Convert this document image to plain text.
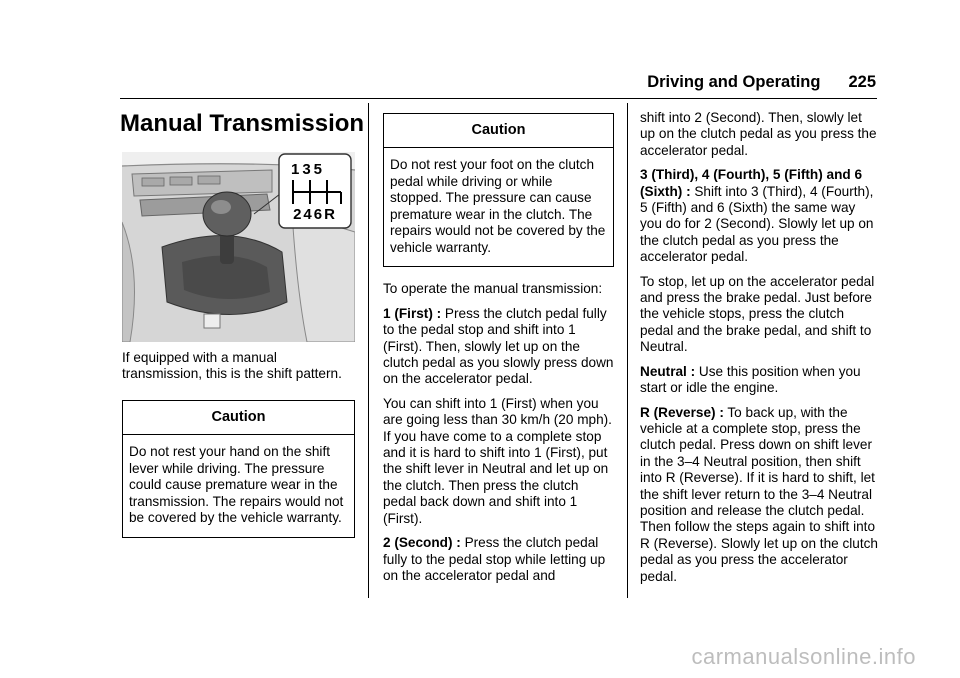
Driving and Operating 225
Manual Transmission
135
246R

If equipped with a manual transmission, this is the shift pattern.

Caution
Do not rest your hand on the shift lever while driving. The pressure could cause premature wear in the transmission. The repairs would not be covered by the vehicle warranty.
Caution
Do not rest your foot on the clutch pedal while driving or while stopped. The pressure can cause premature wear in the clutch. The repairs would not be covered by the vehicle warranty.

To operate the manual transmission:

1 (First) : Press the clutch pedal fully to the pedal stop and shift into 1 (First). Then, slowly let up on the clutch pedal as you slowly press down on the accelerator pedal.

You can shift into 1 (First) when you are going less than 30 km/h (20 mph). If you have come to a complete stop and it is hard to shift into 1 (First), put the shift lever in Neutral and let up on the clutch. Then press the clutch pedal back down and shift into 1 (First).

2 (Second) : Press the clutch pedal fully to the pedal stop while letting up on the accelerator pedal and

shift into 2 (Second). Then, slowly let up on the clutch pedal as you press the accelerator pedal.

3 (Third), 4 (Fourth), 5 (Fifth) and 6 (Sixth) : Shift into 3 (Third), 4 (Fourth), 5 (Fifth) and 6 (Sixth) the same way you do for 2 (Second). Slowly let up on the clutch pedal as you press the accelerator pedal.

To stop, let up on the accelerator pedal and press the brake pedal. Just before the vehicle stops, press the clutch pedal and the brake pedal, and shift to Neutral.

Neutral : Use this position when you start or idle the engine.

R (Reverse) : To back up, with the vehicle at a complete stop, press the clutch pedal. Press down on shift lever in the 3–4 Neutral position, then shift into R (Reverse). If it is hard to shift, let the shift lever return to the 3–4 Neutral position and release the clutch pedal. Then follow the steps again to shift into R (Reverse). Slowly let up on the clutch pedal as you press the accelerator pedal.

carmanualsonline.info
